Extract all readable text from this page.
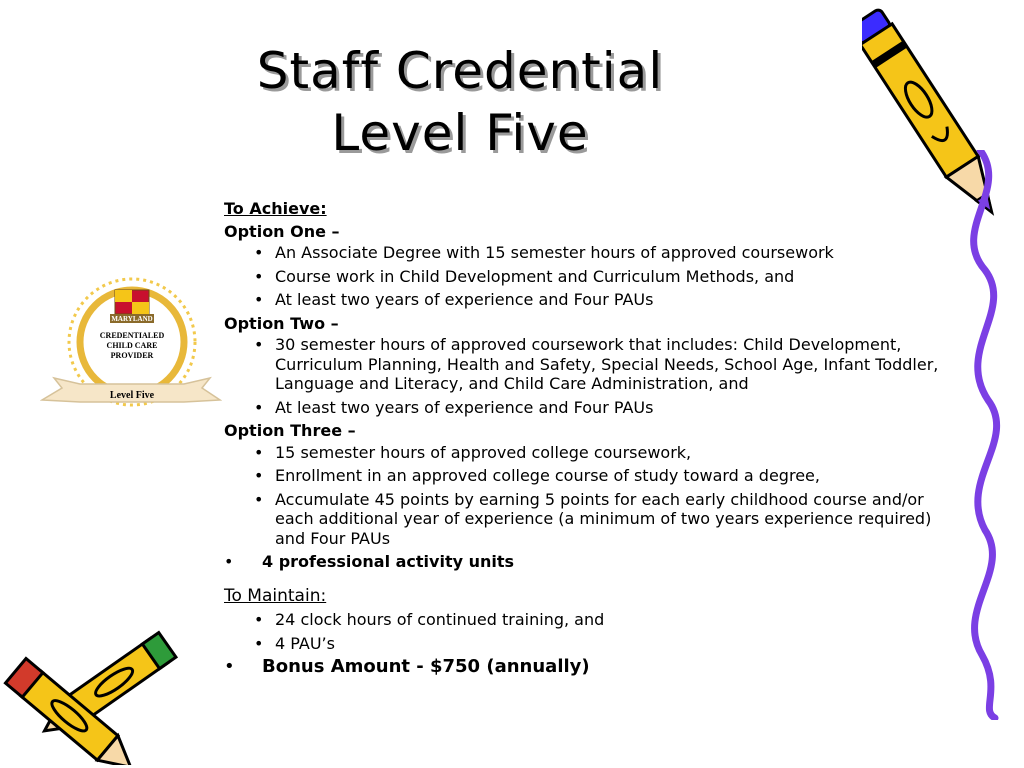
Staff Credential
Level Five
MARYLAND
CREDENTIALED
CHILD CARE
PROVIDER
Level Five
To Achieve:
Option One –
• An Associate Degree with 15 semester hours of approved coursework
• Course work in Child Development and Curriculum Methods, and
• At least two years of experience and Four PAUs
Option Two –
• 30 semester hours of approved coursework that includes: Child Development, Curriculum Planning, Health and Safety, Special Needs, School Age, Infant Toddler, Language and Literacy, and Child Care Administration, and
• At least two years of experience and Four PAUs
Option Three –
• 15 semester hours of approved college coursework,
• Enrollment in an approved college course of study toward a degree,
• Accumulate 45 points by earning 5 points for each early childhood course and/or each additional year of experience (a minimum of two years experience required) and Four PAUs
• 4 professional activity units
To Maintain:
• 24 clock hours of continued training, and
• 4 PAU’s
• Bonus Amount - $750 (annually)
